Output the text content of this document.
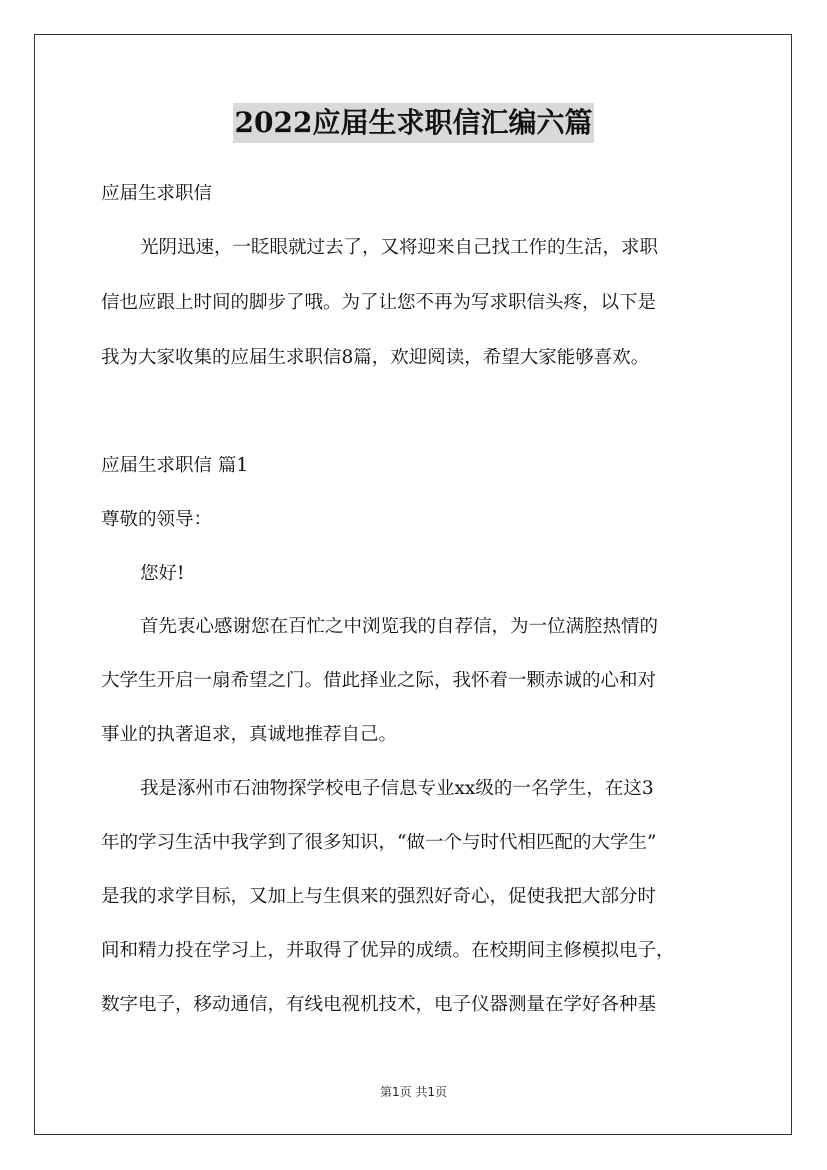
2022应届生求职信汇编六篇

应届生求职信

光阴迅速，一眨眼就过去了，又将迎来自己找工作的生活，求职

信也应跟上时间的脚步了哦。为了让您不再为写求职信头疼，以下是

我为大家收集的应届生求职信8篇，欢迎阅读，希望大家能够喜欢。

应届生求职信 篇1

尊敬的领导：

您好!

首先衷心感谢您在百忙之中浏览我的自荐信，为一位满腔热情的

大学生开启一扇希望之门。借此择业之际，我怀着一颗赤诚的心和对

事业的执著追求，真诚地推荐自己。

我是涿州市石油物探学校电子信息专业xx级的一名学生，在这3

年的学习生活中我学到了很多知识，“做一个与时代相匹配的大学生”

是我的求学目标，又加上与生俱来的强烈好奇心，促使我把大部分时

间和精力投在学习上，并取得了优异的成绩。在校期间主修模拟电子，

数字电子，移动通信，有线电视机技术，电子仪器测量在学好各种基

第1页 共1页
